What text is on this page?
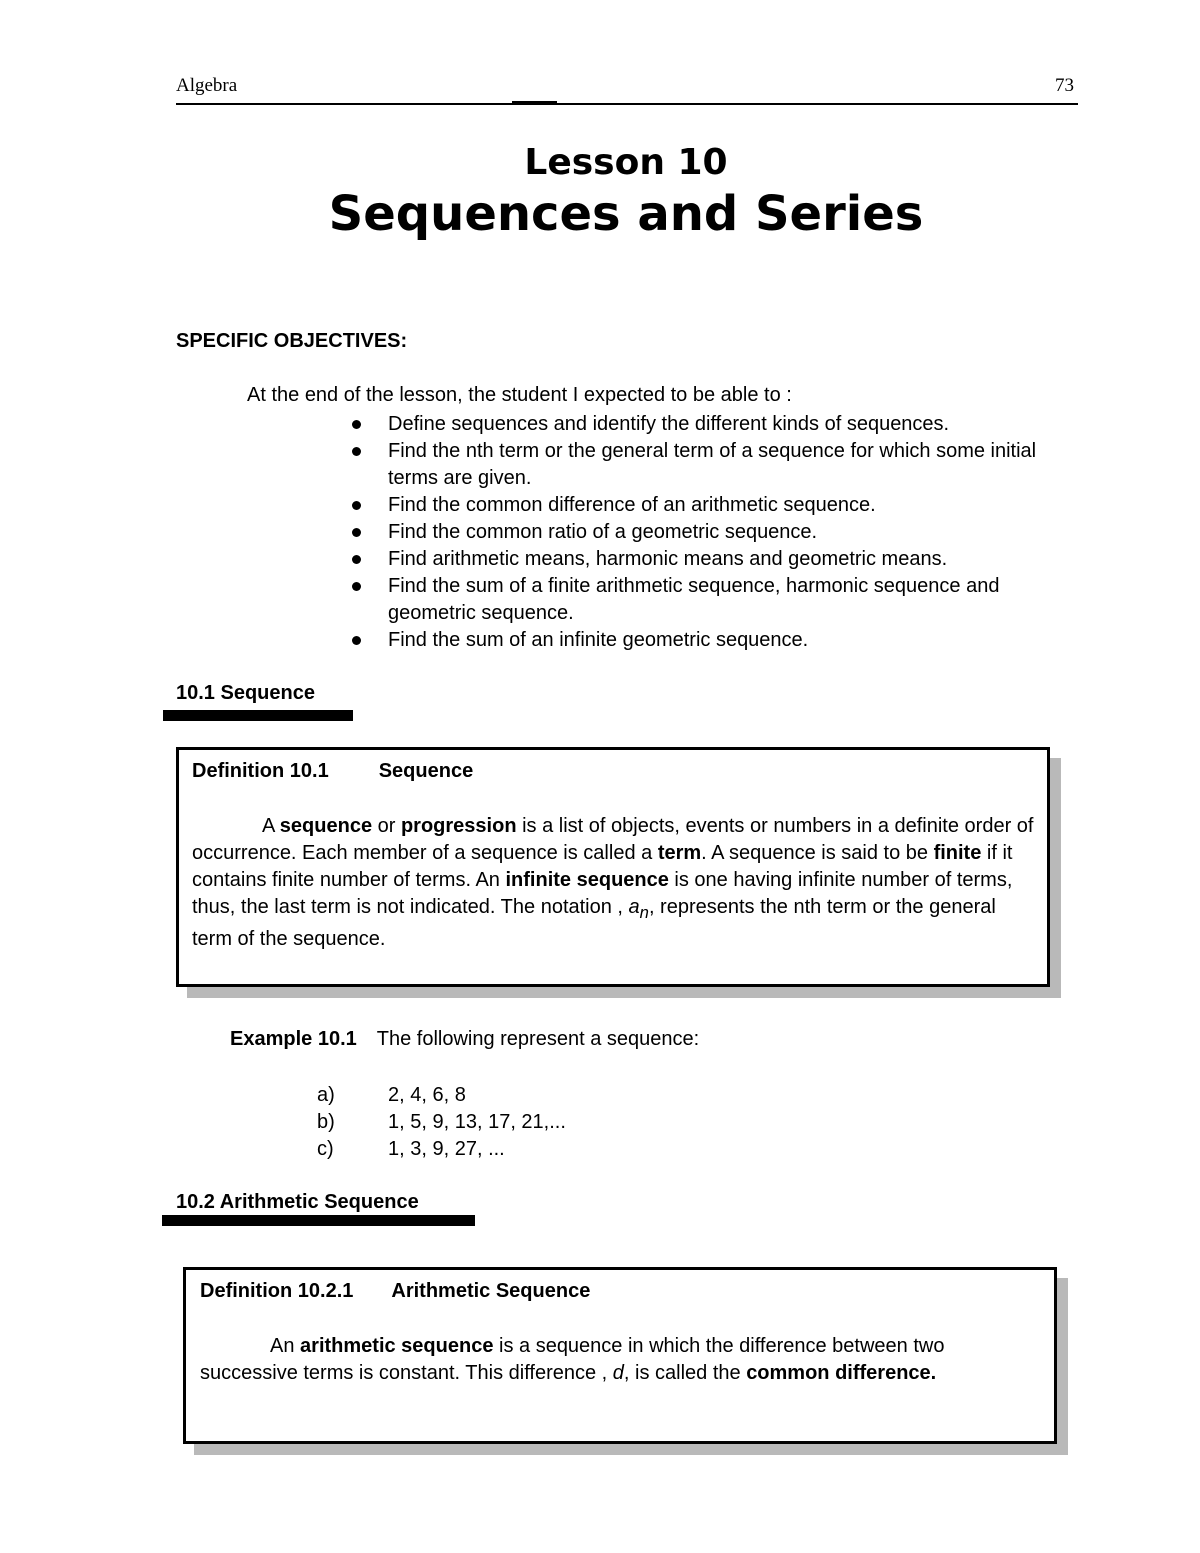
Algebra	73
Lesson 10
Sequences and Series
SPECIFIC OBJECTIVES:
At the end of the lesson, the student I expected to be able to :
Define sequences and identify the different kinds of sequences.
Find the nth term or the general term of a sequence for which some initial terms are given.
Find the common difference of an arithmetic sequence.
Find the common ratio of a geometric sequence.
Find arithmetic means, harmonic means and geometric means.
Find the sum of a finite arithmetic sequence, harmonic sequence and geometric sequence.
Find the sum of an infinite geometric sequence.
10.1 Sequence
Definition 10.1	Sequence
A sequence or progression is a list of objects, events or numbers in a definite order of occurrence. Each member of a sequence is called a term. A sequence is said to be finite if it contains finite number of terms. An infinite sequence is one having infinite number of terms, thus, the last term is not indicated. The notation , $a_n$, represents the nth term or the general term of the sequence.
Example 10.1 The following represent a sequence:
a)	2, 4, 6, 8
b)	1, 5, 9, 13, 17, 21,...
c)	1, 3, 9, 27, ...
10.2 Arithmetic Sequence
Definition 10.2.1 Arithmetic Sequence
An arithmetic sequence is a sequence in which the difference between two successive terms is constant. This difference , d, is called the common difference.
